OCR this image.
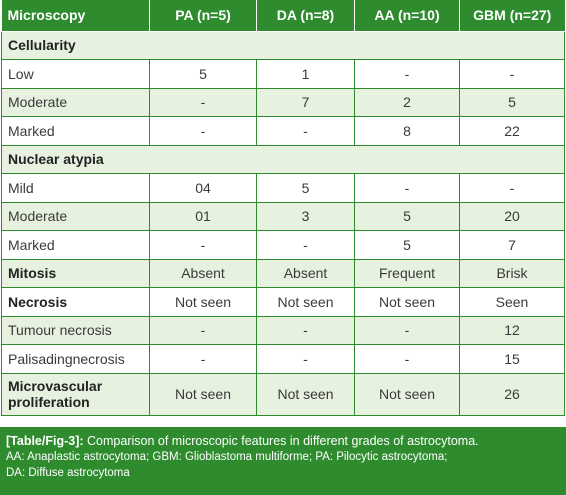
Microscopy	PA (n=5)	DA (n=8)	AA (n=10)	GBM (n=27)
Cellularity				
Low	5	1	-	-
Moderate	-	7	2	5
Marked	-	-	8	22
Nuclear atypia				
Mild	04	5	-	-
Moderate	01	3	5	20
Marked	-	-	5	7
Mitosis	Absent	Absent	Frequent	Brisk
Necrosis	Not seen	Not seen	Not seen	Seen
Tumour necrosis	-	-	-	12
Palisadingnecrosis	-	-	-	15
Microvascular proliferation	Not seen	Not seen	Not seen	26
[Table/Fig-3]: Comparison of microscopic features in different grades of astrocytoma.
AA: Anaplastic astrocytoma; GBM: Glioblastoma multiforme; PA: Pilocytic astrocytoma;
DA: Diffuse astrocytoma
